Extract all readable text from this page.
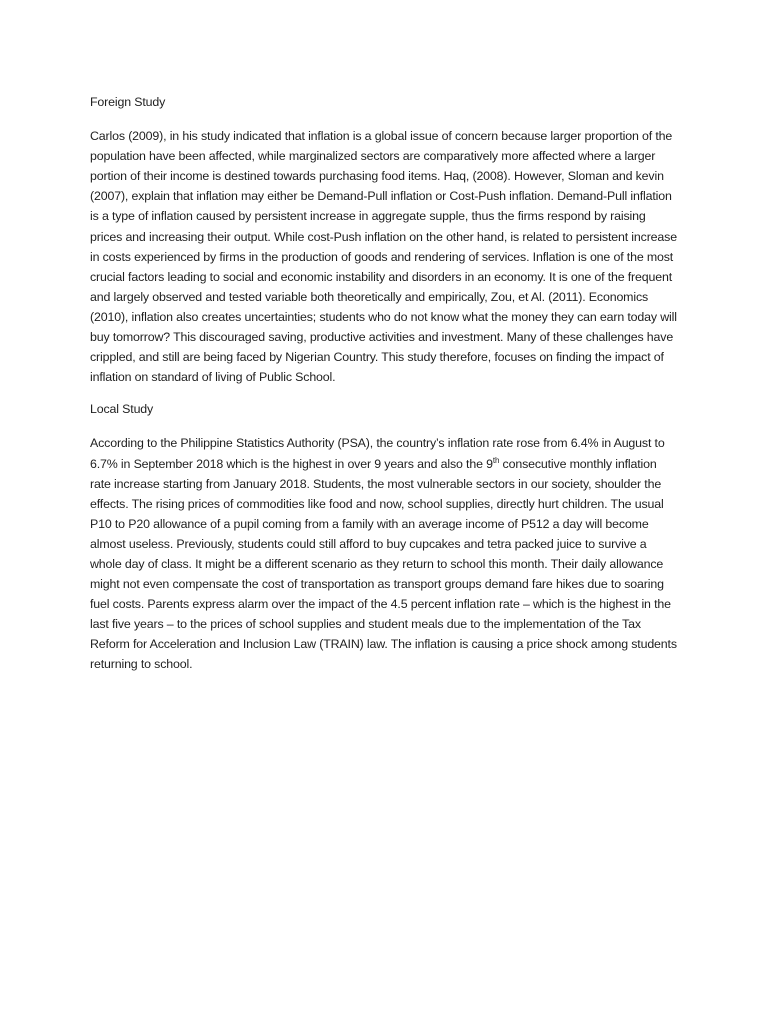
Foreign Study

Carlos (2009), in his study indicated that inflation is a global issue of concern because larger proportion of the population have been affected, while marginalized sectors are comparatively more affected where a larger portion of their income is destined towards purchasing food items. Haq, (2008). However, Sloman and kevin (2007), explain that inflation may either be Demand-Pull inflation or Cost-Push inflation. Demand-Pull inflation is a type of inflation caused by persistent increase in aggregate supple, thus the firms respond by raising prices and increasing their output. While cost-Push inflation on the other hand, is related to persistent increase in costs experienced by firms in the production of goods and rendering of services. Inflation is one of the most crucial factors leading to social and economic instability and disorders in an economy. It is one of the frequent and largely observed and tested variable both theoretically and empirically, Zou, et Al. (2011). Economics (2010), inflation also creates uncertainties; students who do not know what the money they can earn today will buy tomorrow? This discouraged saving, productive activities and investment. Many of these challenges have crippled, and still are being faced by Nigerian Country. This study therefore, focuses on finding the impact of inflation on standard of living of Public School.

Local Study

According to the Philippine Statistics Authority (PSA), the country’s inflation rate rose from 6.4% in August to 6.7% in September 2018 which is the highest in over 9 years and also the 9th consecutive monthly inflation rate increase starting from January 2018. Students, the most vulnerable sectors in our society, shoulder the effects. The rising prices of commodities like food and now, school supplies, directly hurt children. The usual P10 to P20 allowance of a pupil coming from a family with an average income of P512 a day will become almost useless. Previously, students could still afford to buy cupcakes and tetra packed juice to survive a whole day of class. It might be a different scenario as they return to school this month. Their daily allowance might not even compensate the cost of transportation as transport groups demand fare hikes due to soaring fuel costs. Parents express alarm over the impact of the 4.5 percent inflation rate – which is the highest in the last five years – to the prices of school supplies and student meals due to the implementation of the Tax Reform for Acceleration and Inclusion Law (TRAIN) law. The inflation is causing a price shock among students returning to school.
